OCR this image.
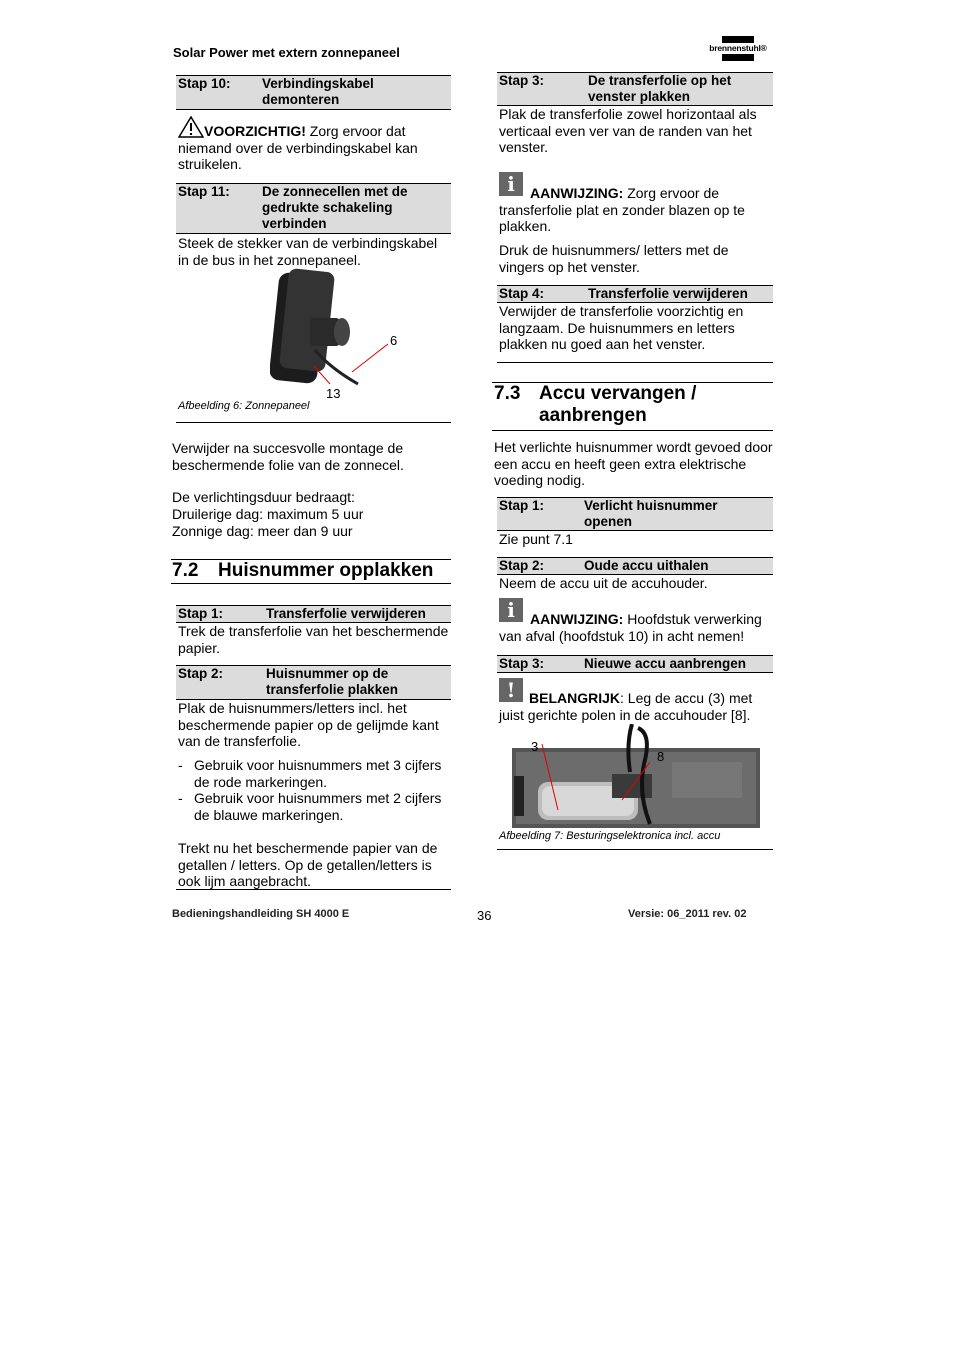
Solar Power met extern zonnepaneel	brennenstuhl®
Stap 10: Verbindingskabel demonteren
VOORZICHTIG! Zorg ervoor dat niemand over de verbindingskabel kan struikelen.
Stap 11: De zonnecellen met de gedrukte schakeling verbinden
Steek de stekker van de verbindingskabel in de bus in het zonnepaneel.
6
13
Afbeelding 6: Zonnepaneel
Verwijder na succesvolle montage de beschermende folie van de zonnecel.
De verlichtingsduur bedraagt:
Druilerige dag: maximum 5 uur
Zonnige dag: meer dan 9 uur
7.2 Huisnummer opplakken
Stap 1:	Transferfolie verwijderen
Trek de transferfolie van het beschermende papier.
Stap 2:	Huisnummer op de transferfolie plakken
Plak de huisnummers/letters incl. het beschermende papier op de gelijmde kant van de transferfolie.
- Gebruik voor huisnummers met 3 cijfers de rode markeringen.
- Gebruik voor huisnummers met 2 cijfers de blauwe markeringen.
Trekt nu het beschermende papier van de getallen / letters. Op de getallen/letters is ook lijm aangebracht.
Stap 3:	De transferfolie op het venster plakken
Plak de transferfolie zowel horizontaal als verticaal even ver van de randen van het venster.
i	AANWIJZING: Zorg ervoor de transferfolie plat en zonder blazen op te plakken.
Druk de huisnummers/ letters met de vingers op het venster.
Stap 4:	Transferfolie verwijderen
Verwijder de transferfolie voorzichtig en langzaam. De huisnummers en letters plakken nu goed aan het venster.
7.3 Accu vervangen / aanbrengen
Het verlichte huisnummer wordt gevoed door een accu en heeft geen extra elektrische voeding nodig.
Stap 1:	Verlicht huisnummer openen
Zie punt 7.1
Stap 2:	Oude accu uithalen
Neem de accu uit de accuhouder.
i	AANWIJZING: Hoofdstuk verwerking van afval (hoofdstuk 10) in acht nemen!
Stap 3:	Nieuwe accu aanbrengen
! BELANGRIJK: Leg de accu (3) met juist gerichte polen in de accuhouder [8].
3
8
Afbeelding 7: Besturingselektronica incl. accu
Bedieningshandleiding SH 4000 E	36	Versie: 06_2011 rev. 02
